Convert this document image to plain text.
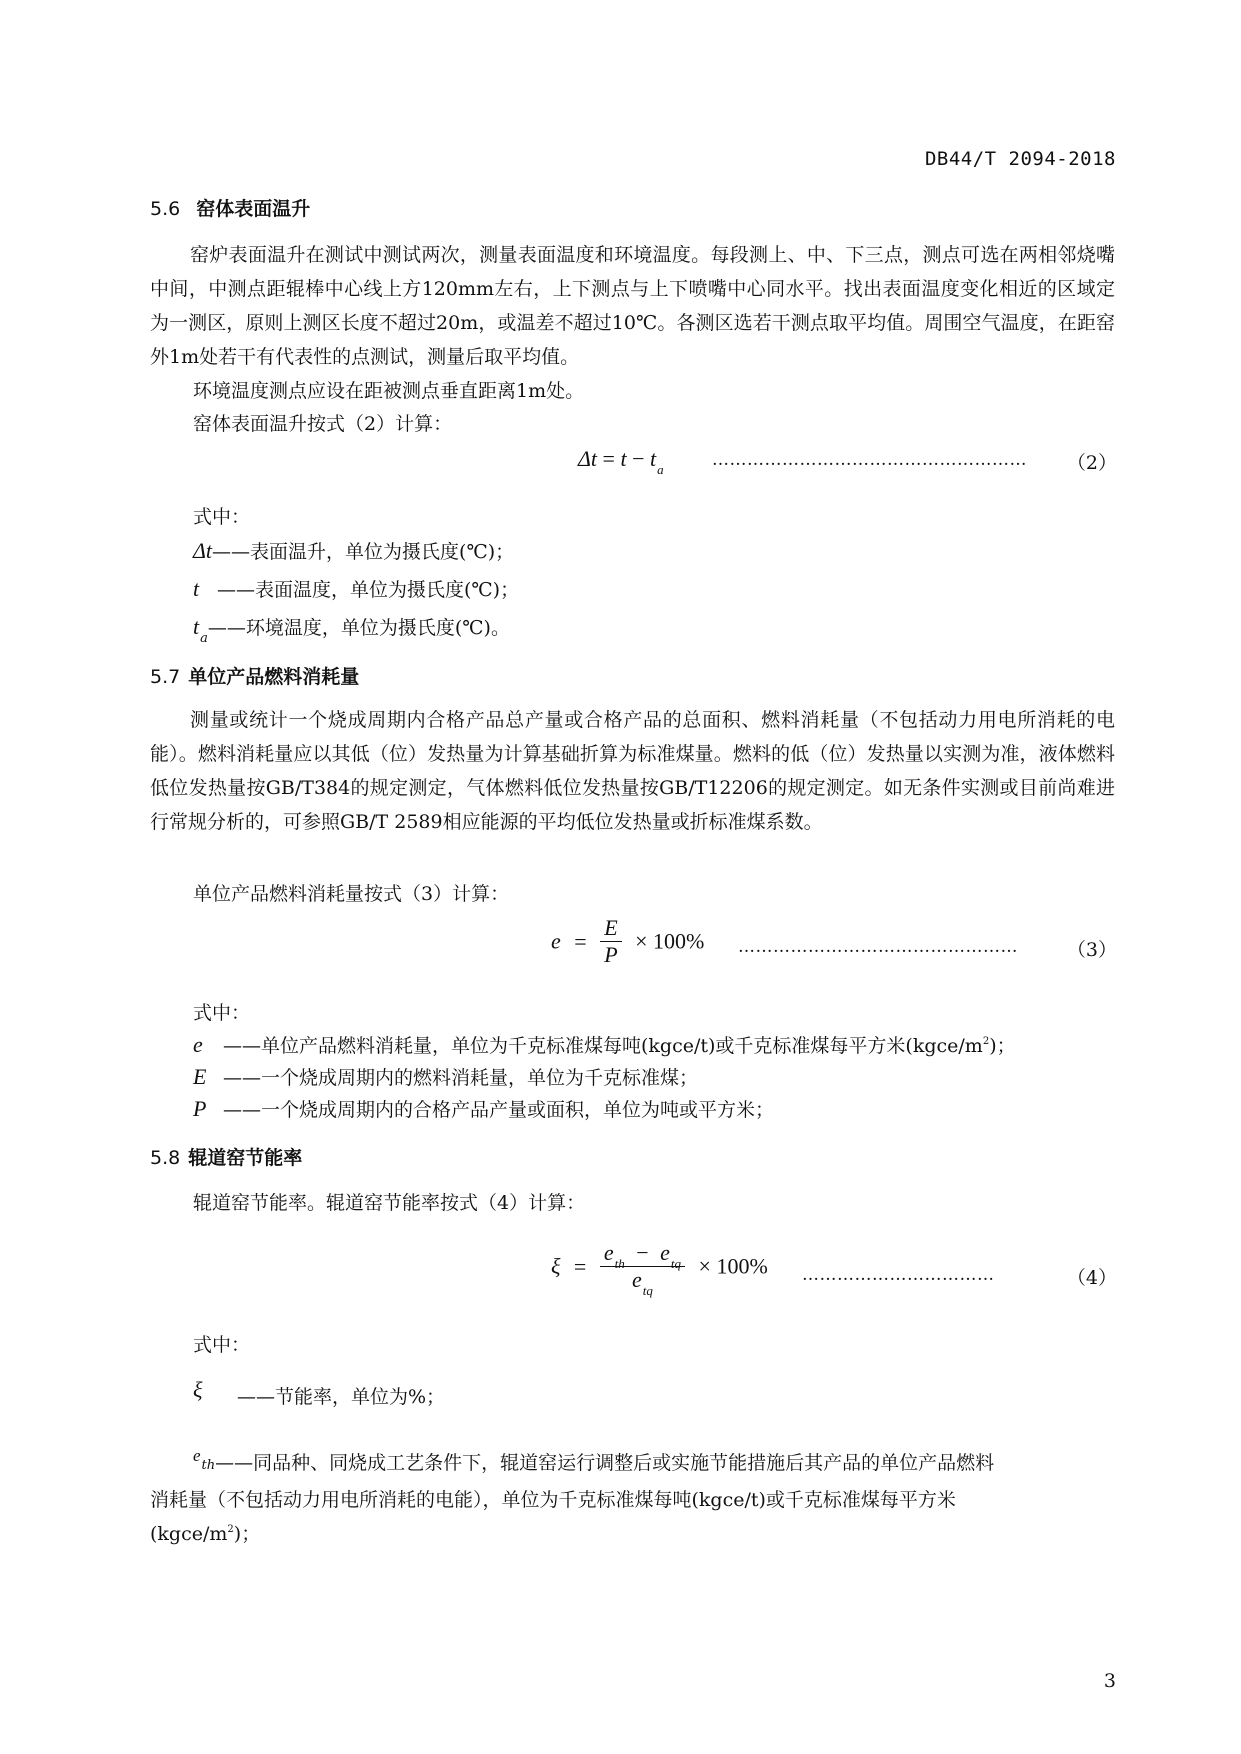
DB44/T 2094-2018
5.6 窑体表面温升

窑炉表面温升在测试中测试两次，测量表面温度和环境温度。每段测上、中、下三点，测点可选在两相邻烧嘴中间，中测点距辊棒中心线上方120mm左右，上下测点与上下喷嘴中心同水平。找出表面温度变化相近的区域定为一测区，原则上测区长度不超过20m，或温差不超过10℃。各测区选若干测点取平均值。周围空气温度，在距窑外1m处若干有代表性的点测试，测量后取平均值。

环境温度测点应设在距被测点垂直距离1m处。
窑体表面温升按式（2）计算：
$\Delta t = t - t_a$	……………………………………………… （2）
式中：
Δt——表面温升，单位为摄氏度(℃)；
t ——表面温度，单位为摄氏度(℃)；
$t_a——$环境温度，单位为摄氏度(℃)。
5.7 单位产品燃料消耗量

测量或统计一个烧成周期内合格产品总产量或合格产品的总面积、燃料消耗量（不包括动力用电所消耗的电能）。燃料消耗量应以其低（位）发热量为计算基础折算为标准煤量。燃料的低（位）发热量以实测为准，液体燃料低位发热量按GB/T384的规定测定，气体燃料低位发热量按GB/T12206的规定测定。如无条件实测或目前尚难进行常规分析的，可参照GB/T 2589相应能源的平均低位发热量或折标准煤系数。

单位产品燃料消耗量按式（3）计算：
$e = \frac{E}{P} \times 100\%$ …………………………………………	（3）
式中：
e ——单位产品燃料消耗量，单位为千克标准煤每吨(kgce/t)或千克标准煤每平方米$(kgce/m^2)$；
E ——一个烧成周期内的燃料消耗量，单位为千克标准煤；
P ——一个烧成周期内的合格产品产量或面积，单位为吨或平方米；
5.8 辊道窑节能率
辊道窑节能率。辊道窑节能率按式（4）计算：
$\xi = \frac{e_{th} - e_{tq}}{e_{tq}} \times 100\%$ ……………………………	（4）
式中：
ξ ——节能率，单位为%；
eth——同品种、同烧成工艺条件下，辊道窑运行调整后或实施节能措施后其产品的单位产品燃料
消耗量（不包括动力用电所消耗的电能），单位为千克标准煤每吨(kgce/t)或千克标准煤每平方米
$(kgce/m^2)$；
3
